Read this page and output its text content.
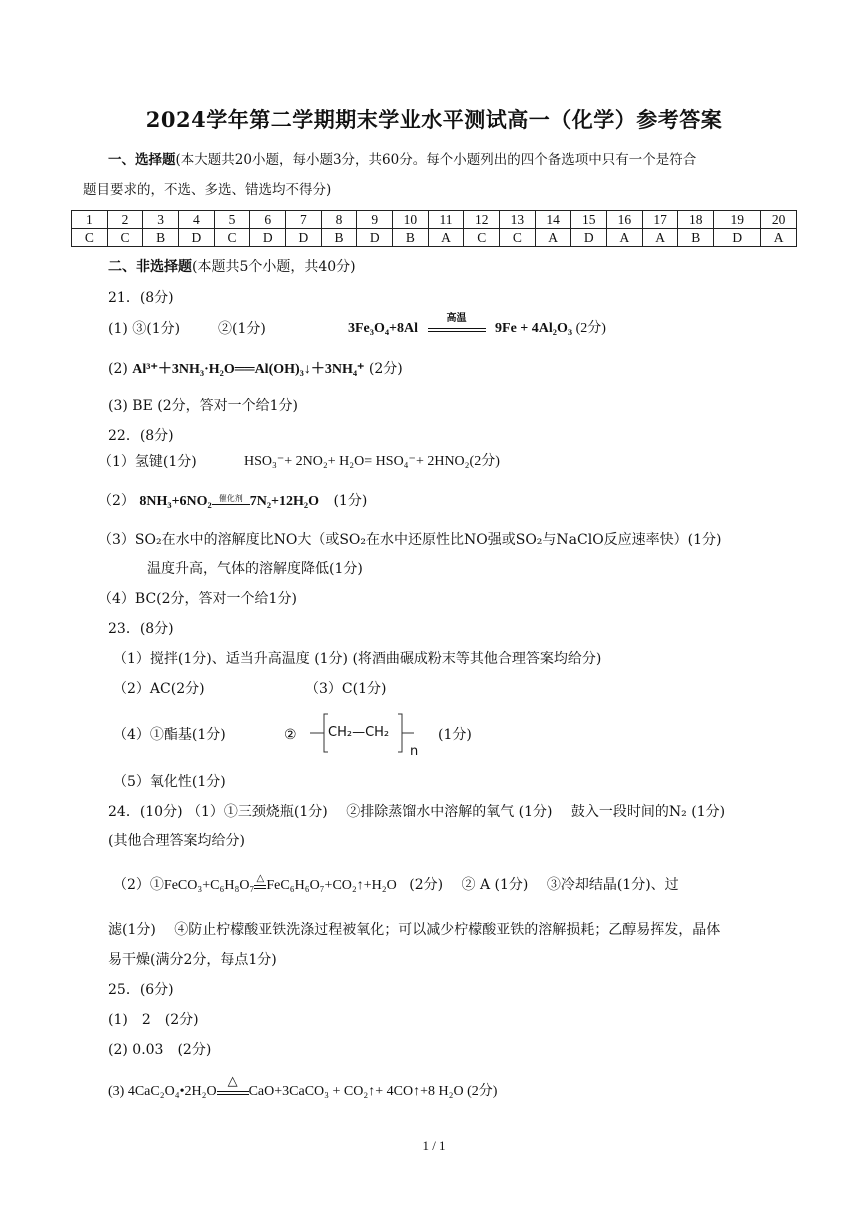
2024学年第二学期期末学业水平测试高一（化学）参考答案
一、选择题(本大题共20小题，每小题3分，共60分。每个小题列出的四个备选项中只有一个是符合
题目要求的，不选、多选、错选均不得分)
1	2	3	4	5	6	7	8	9	10	11	12	13	14	15	16	17	18	19	20
C	C	B	D	C	D	D	B	D	B	A	C	C	A	D	A	A	B	D	A
二、非选择题(本题共5个小题，共40分)
21．(8分)
(1) ③(1分)	②(1分)	3Fe₃O₄+8Al
高温
9Fe + 4Al₂O₃ (2分)
(2) Al³⁺＋3NH₃·H₂O══Al(OH)₃↓＋3NH₄⁺ (2分)
(3) BE (2分，答对一个给1分)
22．(8分)
（1）氢键(1分)	HSO₃⁻+ 2NO₂+ H₂O= HSO₄⁻+ 2HNO₂(2分)
（2） 8NH₃+6NO₂ 催化剂 7N₂+12H₂O (1分)
（3）SO₂在水中的溶解度比NO大（或SO₂在水中还原性比NO强或SO₂与NaClO反应速率快）(1分)
温度升高，气体的溶解度降低(1分)
（4）BC(2分，答对一个给1分)
23．(8分)
（1）搅拌(1分)、适当升高温度 (1分) (将酒曲碾成粉末等其他合理答案均给分)
（2）AC(2分)	（3）C(1分)
（4）①酯基(1分)	② CH₂—CH₂
n
(1分)
（5）氧化性(1分)
24．(10分) （1）①三颈烧瓶(1分)　 ②排除蒸馏水中溶解的氧气 (1分)　 鼓入一段时间的N₂ (1分)
(其他合理答案均给分)
（2）①FeCO₃+C₆H₈O₇ △ FeC₆H₆O₇+CO₂↑+H₂O (2分)　 ② A (1分)　 ③冷却结晶(1分)、过
滤(1分)　 ④防止柠檬酸亚铁洗涤过程被氧化；可以减少柠檬酸亚铁的溶解损耗；乙醇易挥发，晶体
易干燥(满分2分，每点1分)
25．(6分)
(1)　2　(2分)
(2) 0.03　(2分)
(3) 4CaC₂O₄•2H₂O
△
CaO+3CaCO₃ + CO₂↑+ 4CO↑+8 H₂O (2分)
1 / 1
